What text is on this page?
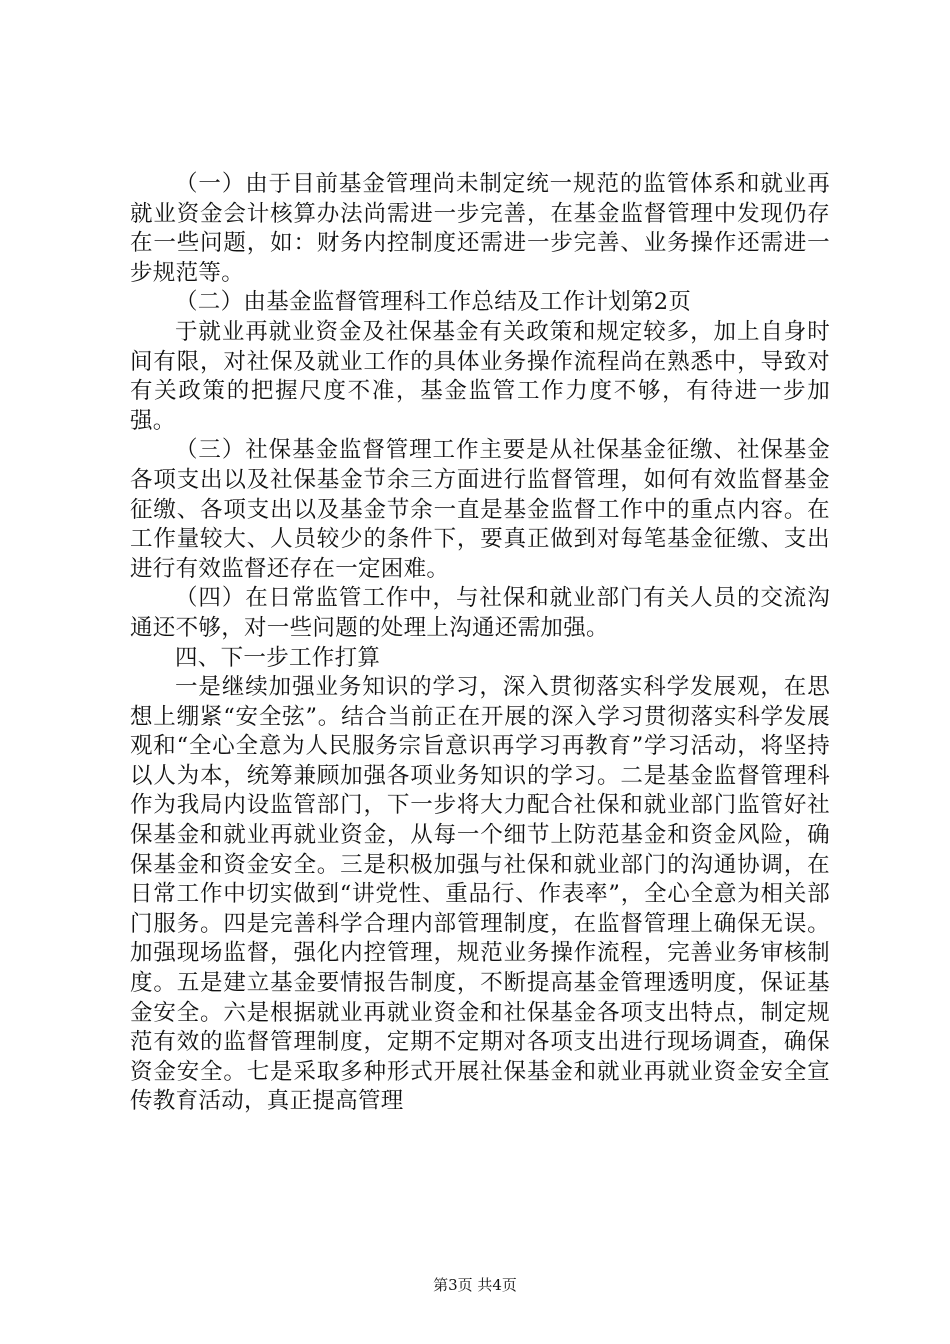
（一）由于目前基金管理尚未制定统一规范的监管体系和就业再就业资金会计核算办法尚需进一步完善，在基金监督管理中发现仍存在一些问题，如：财务内控制度还需进一步完善、业务操作还需进一步规范等。

（二）由基金监督管理科工作总结及工作计划第2页

于就业再就业资金及社保基金有关政策和规定较多，加上自身时间有限，对社保及就业工作的具体业务操作流程尚在熟悉中，导致对有关政策的把握尺度不准，基金监管工作力度不够，有待进一步加强。

（三）社保基金监督管理工作主要是从社保基金征缴、社保基金各项支出以及社保基金节余三方面进行监督管理，如何有效监督基金征缴、各项支出以及基金节余一直是基金监督工作中的重点内容。在工作量较大、人员较少的条件下，要真正做到对每笔基金征缴、支出进行有效监督还存在一定困难。

（四）在日常监管工作中，与社保和就业部门有关人员的交流沟通还不够，对一些问题的处理上沟通还需加强。

四、下一步工作打算

一是继续加强业务知识的学习，深入贯彻落实科学发展观，在思想上绷紧“安全弦”。结合当前正在开展的深入学习贯彻落实科学发展观和“全心全意为人民服务宗旨意识再学习再教育”学习活动，将坚持以人为本，统筹兼顾加强各项业务知识的学习。二是基金监督管理科作为我局内设监管部门，下一步将大力配合社保和就业部门监管好社保基金和就业再就业资金，从每一个细节上防范基金和资金风险，确保基金和资金安全。三是积极加强与社保和就业部门的沟通协调，在日常工作中切实做到“讲党性、重品行、作表率”，全心全意为相关部门服务。四是完善科学合理内部管理制度，在监督管理上确保无误。加强现场监督，强化内控管理，规范业务操作流程，完善业务审核制度。五是建立基金要情报告制度，不断提高基金管理透明度，保证基金安全。六是根据就业再就业资金和社保基金各项支出特点，制定规范有效的监督管理制度，定期不定期对各项支出进行现场调查，确保资金安全。七是采取多种形式开展社保基金和就业再就业资金安全宣传教育活动，真正提高管理

第3页 共4页
